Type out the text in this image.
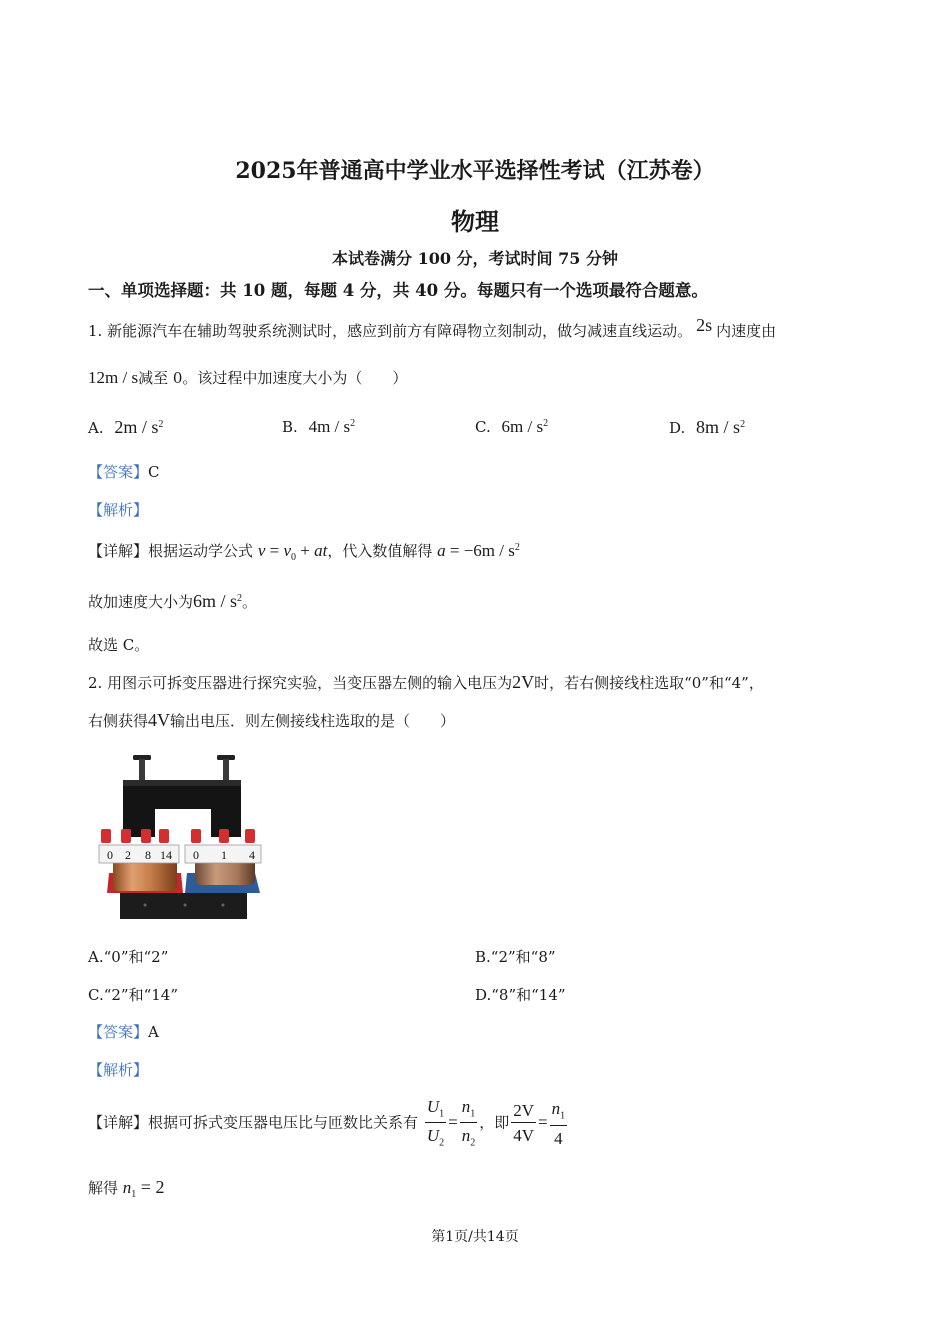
2025年普通高中学业水平选择性考试（江苏卷）
物理
本试卷满分 100 分，考试时间 75 分钟
一、单项选择题：共 10 题，每题 4 分，共 40 分。每题只有一个选项最符合题意。
1. 新能源汽车在辅助驾驶系统测试时，感应到前方有障碍物立刻制动，做匀减速直线运动。 2s 内速度由
12m / s减至 0。该过程中加速度大小为（　　）
A. $2m / s^2$	B. $4m / s^2$	C. $6m / s^2$	D. $8m / s^2$
【答案】C
【解析】
【详解】根据运动学公式 $v = v_0$ + at，代入数值解得 $a = -6m / s^2$
故加速度大小为$6m / s^2$。
故选 C。
2. 用图示可拆变压器进行探究实验，当变压器左侧的输入电压为2V时，若右侧接线柱选取“0”和“4”，
右侧获得4V输出电压．则左侧接线柱选取的是（　　）
0 2 8 14 0 1 4
A.“0”和“2”	B.“2”和“8”
C.“2”和“14”	D.“8”和“14”
【答案】A
【解析】
【详解】根据可拆式变压器电压比与匝数比关系有 $\frac{U_1}{U_2} = \frac{n_1}{n_2}$ ，即 $\frac{2V}{4V} = \frac{n_1}{4}$
解得 $n_1 = 2$
第1页/共14页
